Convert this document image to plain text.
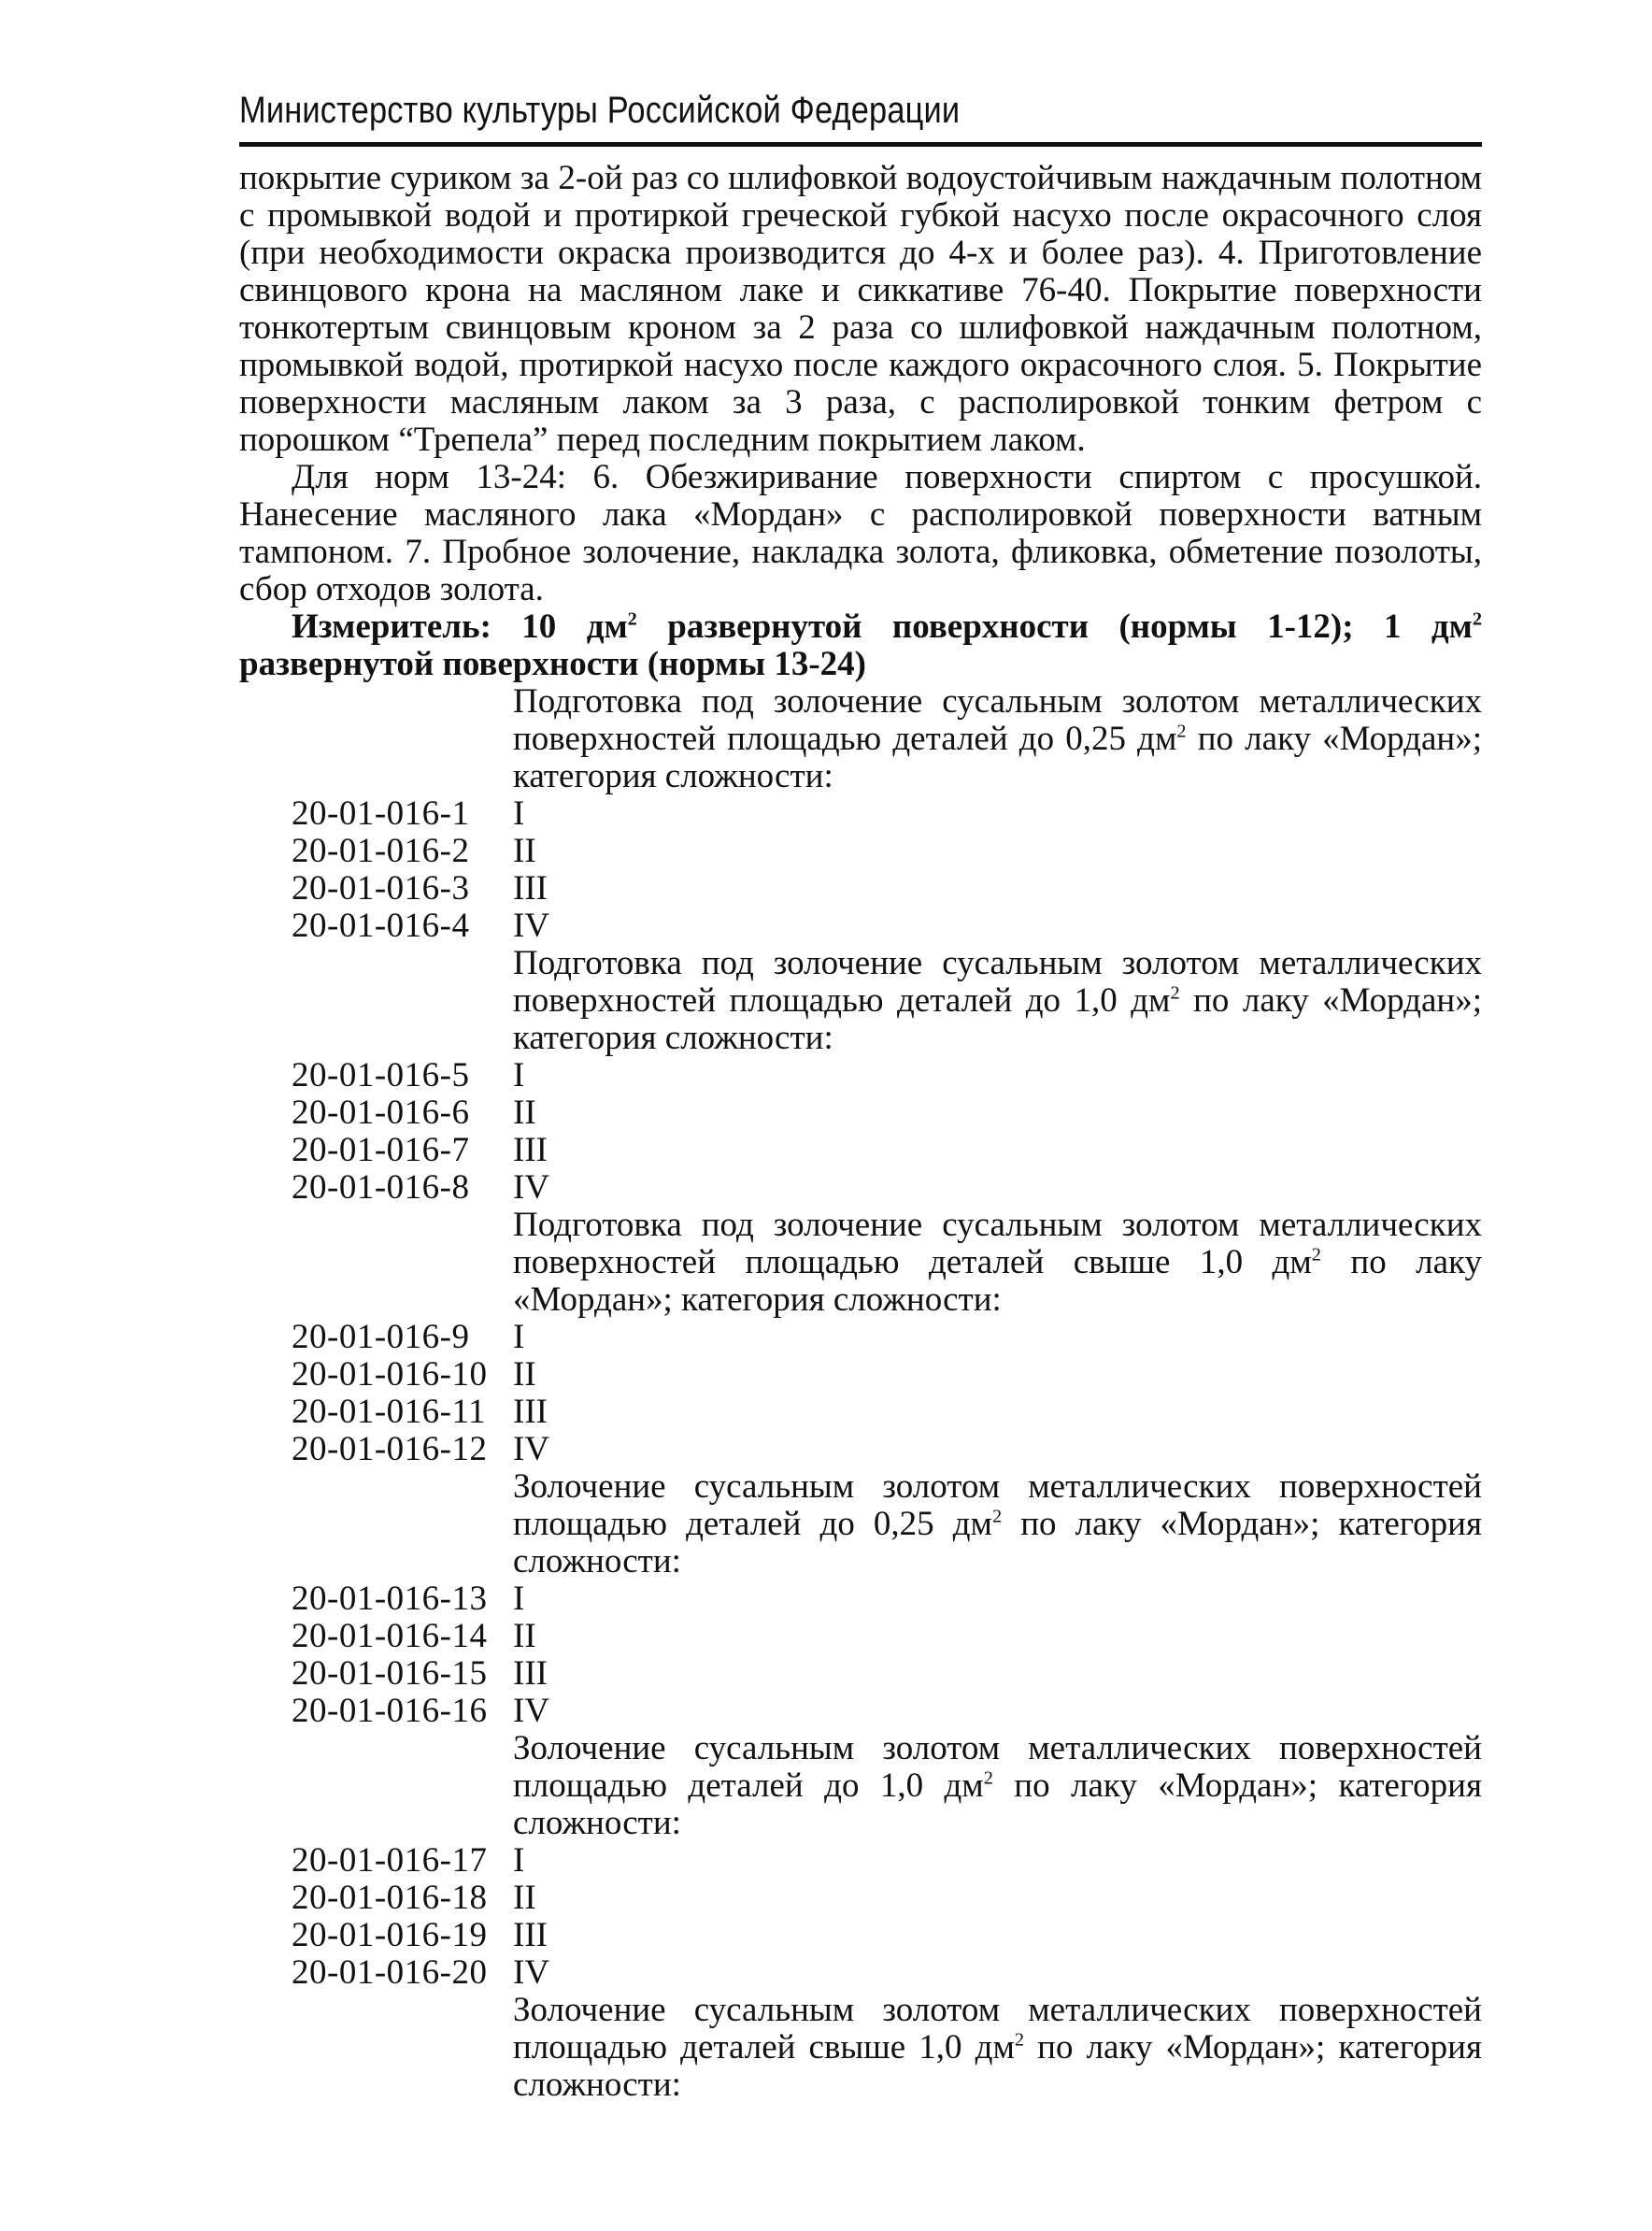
Министерство культуры Российской Федерации

покрытие суриком за 2-ой раз со шлифовкой водоустойчивым наждачным полотном с промывкой водой и протиркой греческой губкой насухо после окрасочного слоя (при необходимости окраска производится до 4-х и более раз). 4. Приготовление свинцового крона на масляном лаке и сиккативе 76-40. Покрытие поверхности тонкотертым свинцовым кроном за 2 раза со шлифовкой наждачным полотном, промывкой водой, протиркой насухо после каждого окрасочного слоя. 5. Покрытие поверхности масляным лаком за 3 раза, с располировкой тонким фетром с порошком “Трепела” перед последним покрытием лаком.

Для норм 13-24: 6. Обезжиривание поверхности спиртом с просушкой. Нанесение масляного лака «Мордан» с располировкой поверхности ватным тампоном. 7. Пробное золочение, накладка золота, фликовка, обметение позолоты, сбор отходов золота.

Измеритель: 10 $дм^2$ развернутой поверхности (нормы 1-12); 1 $дм^2$ развернутой поверхности (нормы 13-24)

Подготовка под золочение сусальным золотом металлических поверхностей площадью деталей до 0,25 $дм^2$ по лаку «Мордан»; категория сложности:
20-01-016-1	I
20-01-016-2	II
20-01-016-3	III
20-01-016-4	IV
Подготовка под золочение сусальным золотом металлических поверхностей площадью деталей до 1,0 $дм^2$ по лаку «Мордан»; категория сложности:
20-01-016-5	I
20-01-016-6	II
20-01-016-7	III
20-01-016-8	IV
Подготовка под золочение сусальным золотом металлических поверхностей площадью деталей свыше 1,0 $дм^2$ по лаку «Мордан»; категория сложности:
20-01-016-9	I
20-01-016-10 II
20-01-016-11 III
20-01-016-12 IV
Золочение сусальным золотом металлических поверхностей площадью деталей до 0,25 $дм^2$ по лаку «Мордан»; категория сложности:
20-01-016-13 I
20-01-016-14 II
20-01-016-15 III
20-01-016-16 IV
Золочение сусальным золотом металлических поверхностей площадью деталей до 1,0 $дм^2$ по лаку «Мордан»; категория сложности:
20-01-016-17 I
20-01-016-18 II
20-01-016-19 III
20-01-016-20 IV
Золочение сусальным золотом металлических поверхностей площадью деталей свыше 1,0 $дм^2$ по лаку «Мордан»; категория сложности:
